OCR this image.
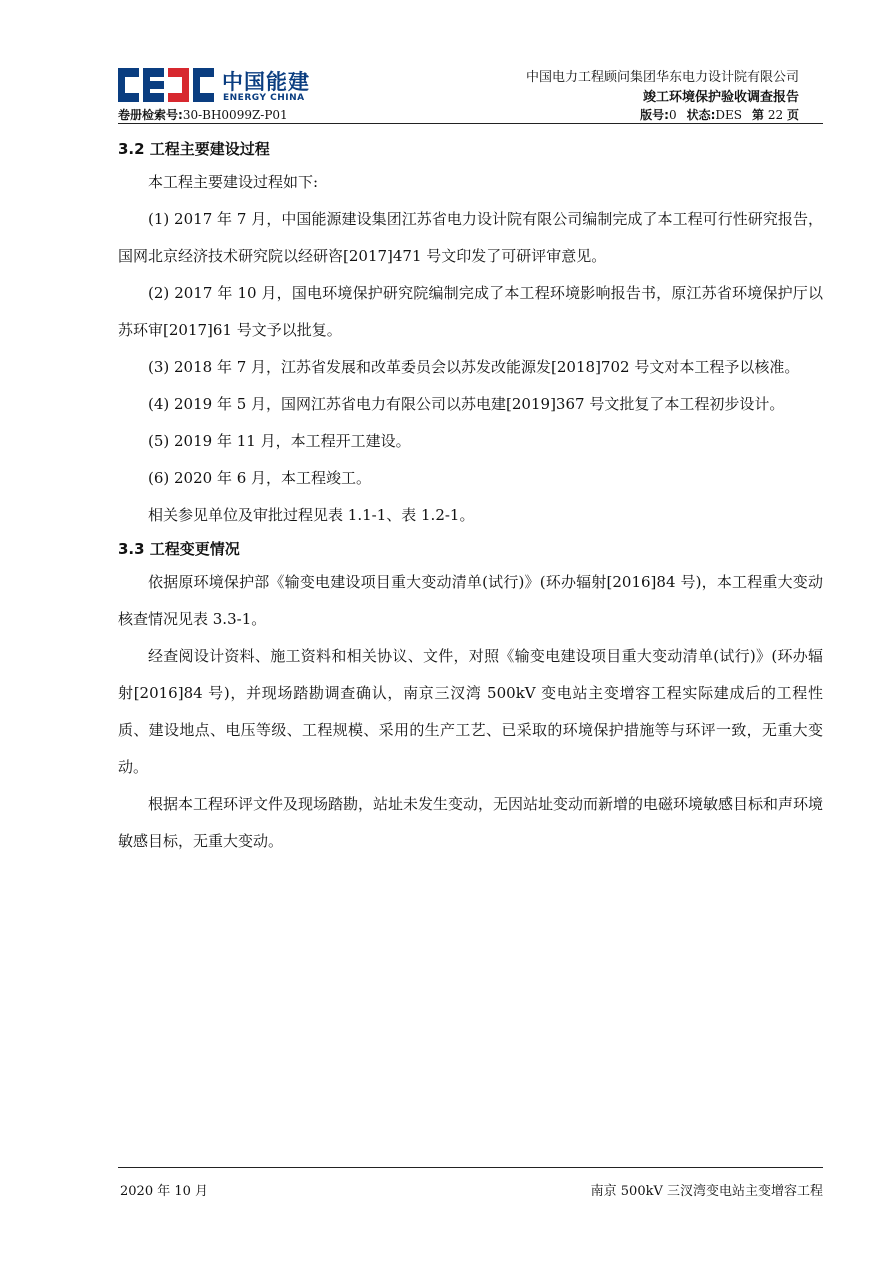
中国能建
ENERGY CHINA
中国电力工程顾问集团华东电力设计院有限公司
竣工环境保护验收调查报告
卷册检索号:30-BH0099Z-P01	版号:0 状态:DES 第 22 页
3.2 工程主要建设过程

本工程主要建设过程如下:

(1) 2017 年 7 月，中国能源建设集团江苏省电力设计院有限公司编制完成了本工程可行性研究报告，国网北京经济技术研究院以经研咨[2017]471 号文印发了可研评审意见。

(2) 2017 年 10 月，国电环境保护研究院编制完成了本工程环境影响报告书，原江苏省环境保护厅以苏环审[2017]61 号文予以批复。

(3) 2018 年 7 月，江苏省发展和改革委员会以苏发改能源发[2018]702 号文对本工程予以核准。

(4) 2019 年 5 月，国网江苏省电力有限公司以苏电建[2019]367 号文批复了本工程初步设计。

(5) 2019 年 11 月，本工程开工建设。

(6) 2020 年 6 月，本工程竣工。

相关参见单位及审批过程见表 1.1-1、表 1.2-1。

3.3 工程变更情况

依据原环境保护部《输变电建设项目重大变动清单(试行)》(环办辐射[2016]84 号)，本工程重大变动核查情况见表 3.3-1。

经查阅设计资料、施工资料和相关协议、文件，对照《输变电建设项目重大变动清单(试行)》(环办辐射[2016]84 号)，并现场踏勘调查确认，南京三汊湾 500kV 变电站主变增容工程实际建成后的工程性质、建设地点、电压等级、工程规模、采用的生产工艺、已采取的环境保护措施等与环评一致，无重大变动。

根据本工程环评文件及现场踏勘，站址未发生变动，无因站址变动而新增的电磁环境敏感目标和声环境敏感目标，无重大变动。

2020 年 10 月	南京 500kV 三汊湾变电站主变增容工程
